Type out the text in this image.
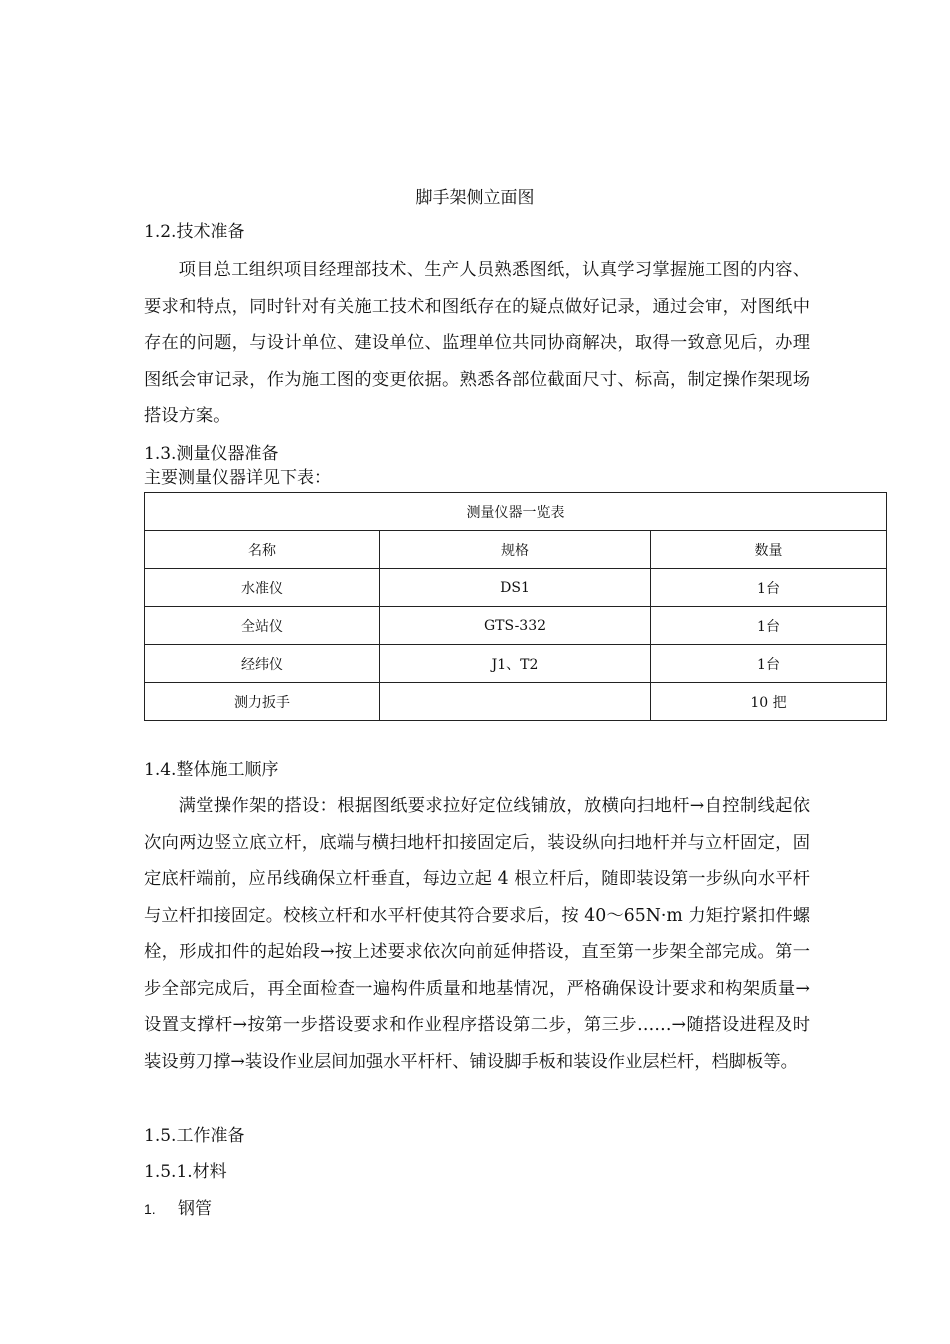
脚手架侧立面图
1.2.技术准备
项目总工组织项目经理部技术、生产人员熟悉图纸，认真学习掌握施工图的内容、要求和特点，同时针对有关施工技术和图纸存在的疑点做好记录，通过会审，对图纸中存在的问题，与设计单位、建设单位、监理单位共同协商解决，取得一致意见后，办理图纸会审记录，作为施工图的变更依据。熟悉各部位截面尺寸、标高，制定操作架现场搭设方案。
1.3.测量仪器准备
主要测量仪器详见下表：
测量仪器一览表		
名称	规格	数量
水准仪	DS1	1台
全站仪	GTS-332	1台
经纬仪	J1、T2	1台
测力扳手		10 把
1.4.整体施工顺序
满堂操作架的搭设：根据图纸要求拉好定位线铺放，放横向扫地杆→自控制线起依次向两边竖立底立杆，底端与横扫地杆扣接固定后，装设纵向扫地杆并与立杆固定，固定底杆端前，应吊线确保立杆垂直，每边立起 4 根立杆后，随即装设第一步纵向水平杆与立杆扣接固定。校核立杆和水平杆使其符合要求后，按 40～65N·m 力矩拧紧扣件螺栓，形成扣件的起始段→按上述要求依次向前延伸搭设，直至第一步架全部完成。第一步全部完成后，再全面检查一遍构件质量和地基情况，严格确保设计要求和构架质量→设置支撑杆→按第一步搭设要求和作业程序搭设第二步，第三步……→随搭设进程及时装设剪刀撑→装设作业层间加强水平杆杆、铺设脚手板和装设作业层栏杆，档脚板等。
1.5.工作准备
1.5.1.材料
1. 钢管
